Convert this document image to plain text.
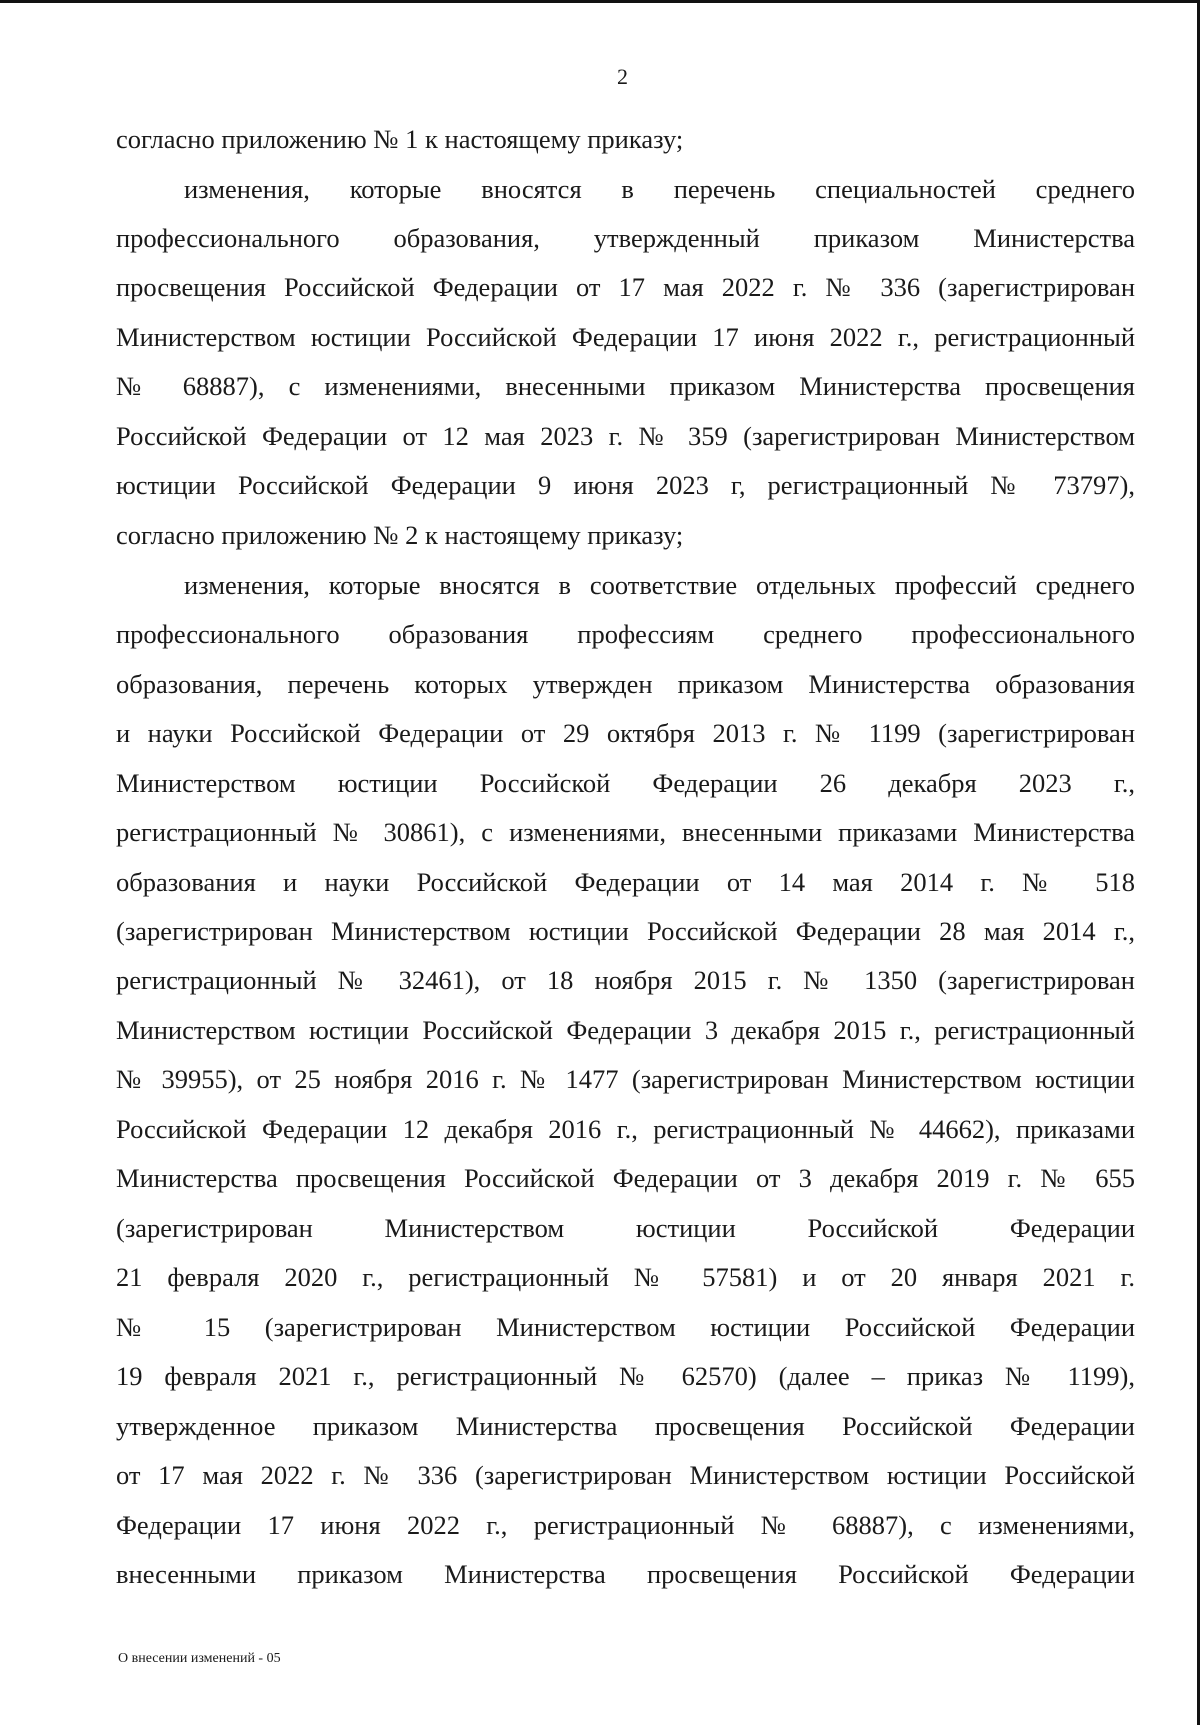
2
согласно приложению № 1 к настоящему приказу;
изменения, которые вносятся в перечень специальностей среднего
профессионального образования, утвержденный приказом Министерства
просвещения Российской Федерации от 17 мая 2022 г. № 336 (зарегистрирован
Министерством юстиции Российской Федерации 17 июня 2022 г., регистрационный
№ 68887), с изменениями, внесенными приказом Министерства просвещения
Российской Федерации от 12 мая 2023 г. № 359 (зарегистрирован Министерством
юстиции Российской Федерации 9 июня 2023 г, регистрационный № 73797),
согласно приложению № 2 к настоящему приказу;
изменения, которые вносятся в соответствие отдельных профессий среднего
профессионального образования профессиям среднего профессионального
образования, перечень которых утвержден приказом Министерства образования
и науки Российской Федерации от 29 октября 2013 г. № 1199 (зарегистрирован
Министерством юстиции Российской Федерации 26 декабря 2023 г.,
регистрационный № 30861), с изменениями, внесенными приказами Министерства
образования и науки Российской Федерации от 14 мая 2014 г. № 518
(зарегистрирован Министерством юстиции Российской Федерации 28 мая 2014 г.,
регистрационный № 32461), от 18 ноября 2015 г. № 1350 (зарегистрирован
Министерством юстиции Российской Федерации 3 декабря 2015 г., регистрационный
№ 39955), от 25 ноября 2016 г. № 1477 (зарегистрирован Министерством юстиции
Российской Федерации 12 декабря 2016 г., регистрационный № 44662), приказами
Министерства просвещения Российской Федерации от 3 декабря 2019 г. № 655
(зарегистрирован Министерством юстиции Российской Федерации
21 февраля 2020 г., регистрационный № 57581) и от 20 января 2021 г.
№ 15 (зарегистрирован Министерством юстиции Российской Федерации
19 февраля 2021 г., регистрационный № 62570) (далее – приказ № 1199),
утвержденное приказом Министерства просвещения Российской Федерации
от 17 мая 2022 г. № 336 (зарегистрирован Министерством юстиции Российской
Федерации 17 июня 2022 г., регистрационный № 68887), с изменениями,
внесенными приказом Министерства просвещения Российской Федерации
О внесении изменений - 05
